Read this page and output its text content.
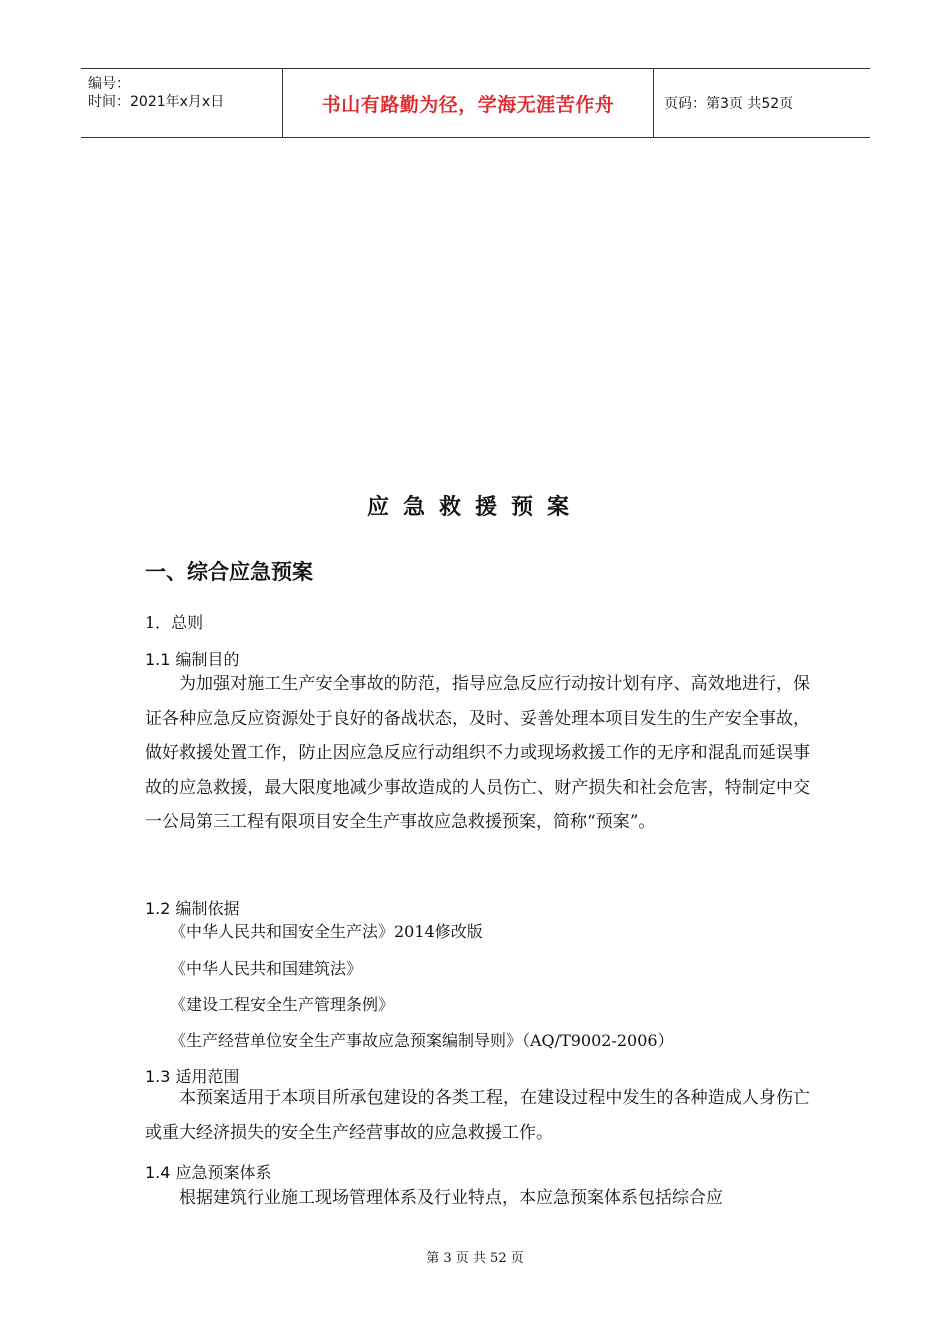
编号：
时间：2021年x月x日	书山有路勤为径，学海无涯苦作舟	页码：第3页 共52页
应急救援预案
一、综合应急预案
1．总则
1.1 编制目的

为加强对施工生产安全事故的防范，指导应急反应行动按计划有序、高效地进行，保证各种应急反应资源处于良好的备战状态，及时、妥善处理本项目发生的生产安全事故，做好救援处置工作，防止因应急反应行动组织不力或现场救援工作的无序和混乱而延误事故的应急救援，最大限度地减少事故造成的人员伤亡、财产损失和社会危害，特制定中交一公局第三工程有限项目安全生产事故应急救援预案，简称“预案”。

1.2 编制依据
《中华人民共和国安全生产法》2014修改版
《中华人民共和国建筑法》
《建设工程安全生产管理条例》
《生产经营单位安全生产事故应急预案编制导则》（AQ/T9002-2006）
1.3 适用范围

本预案适用于本项目所承包建设的各类工程，在建设过程中发生的各种造成人身伤亡或重大经济损失的安全生产经营事故的应急救援工作。

1.4 应急预案体系

根据建筑行业施工现场管理体系及行业特点，本应急预案体系包括综合应

第 3 页 共 52 页
